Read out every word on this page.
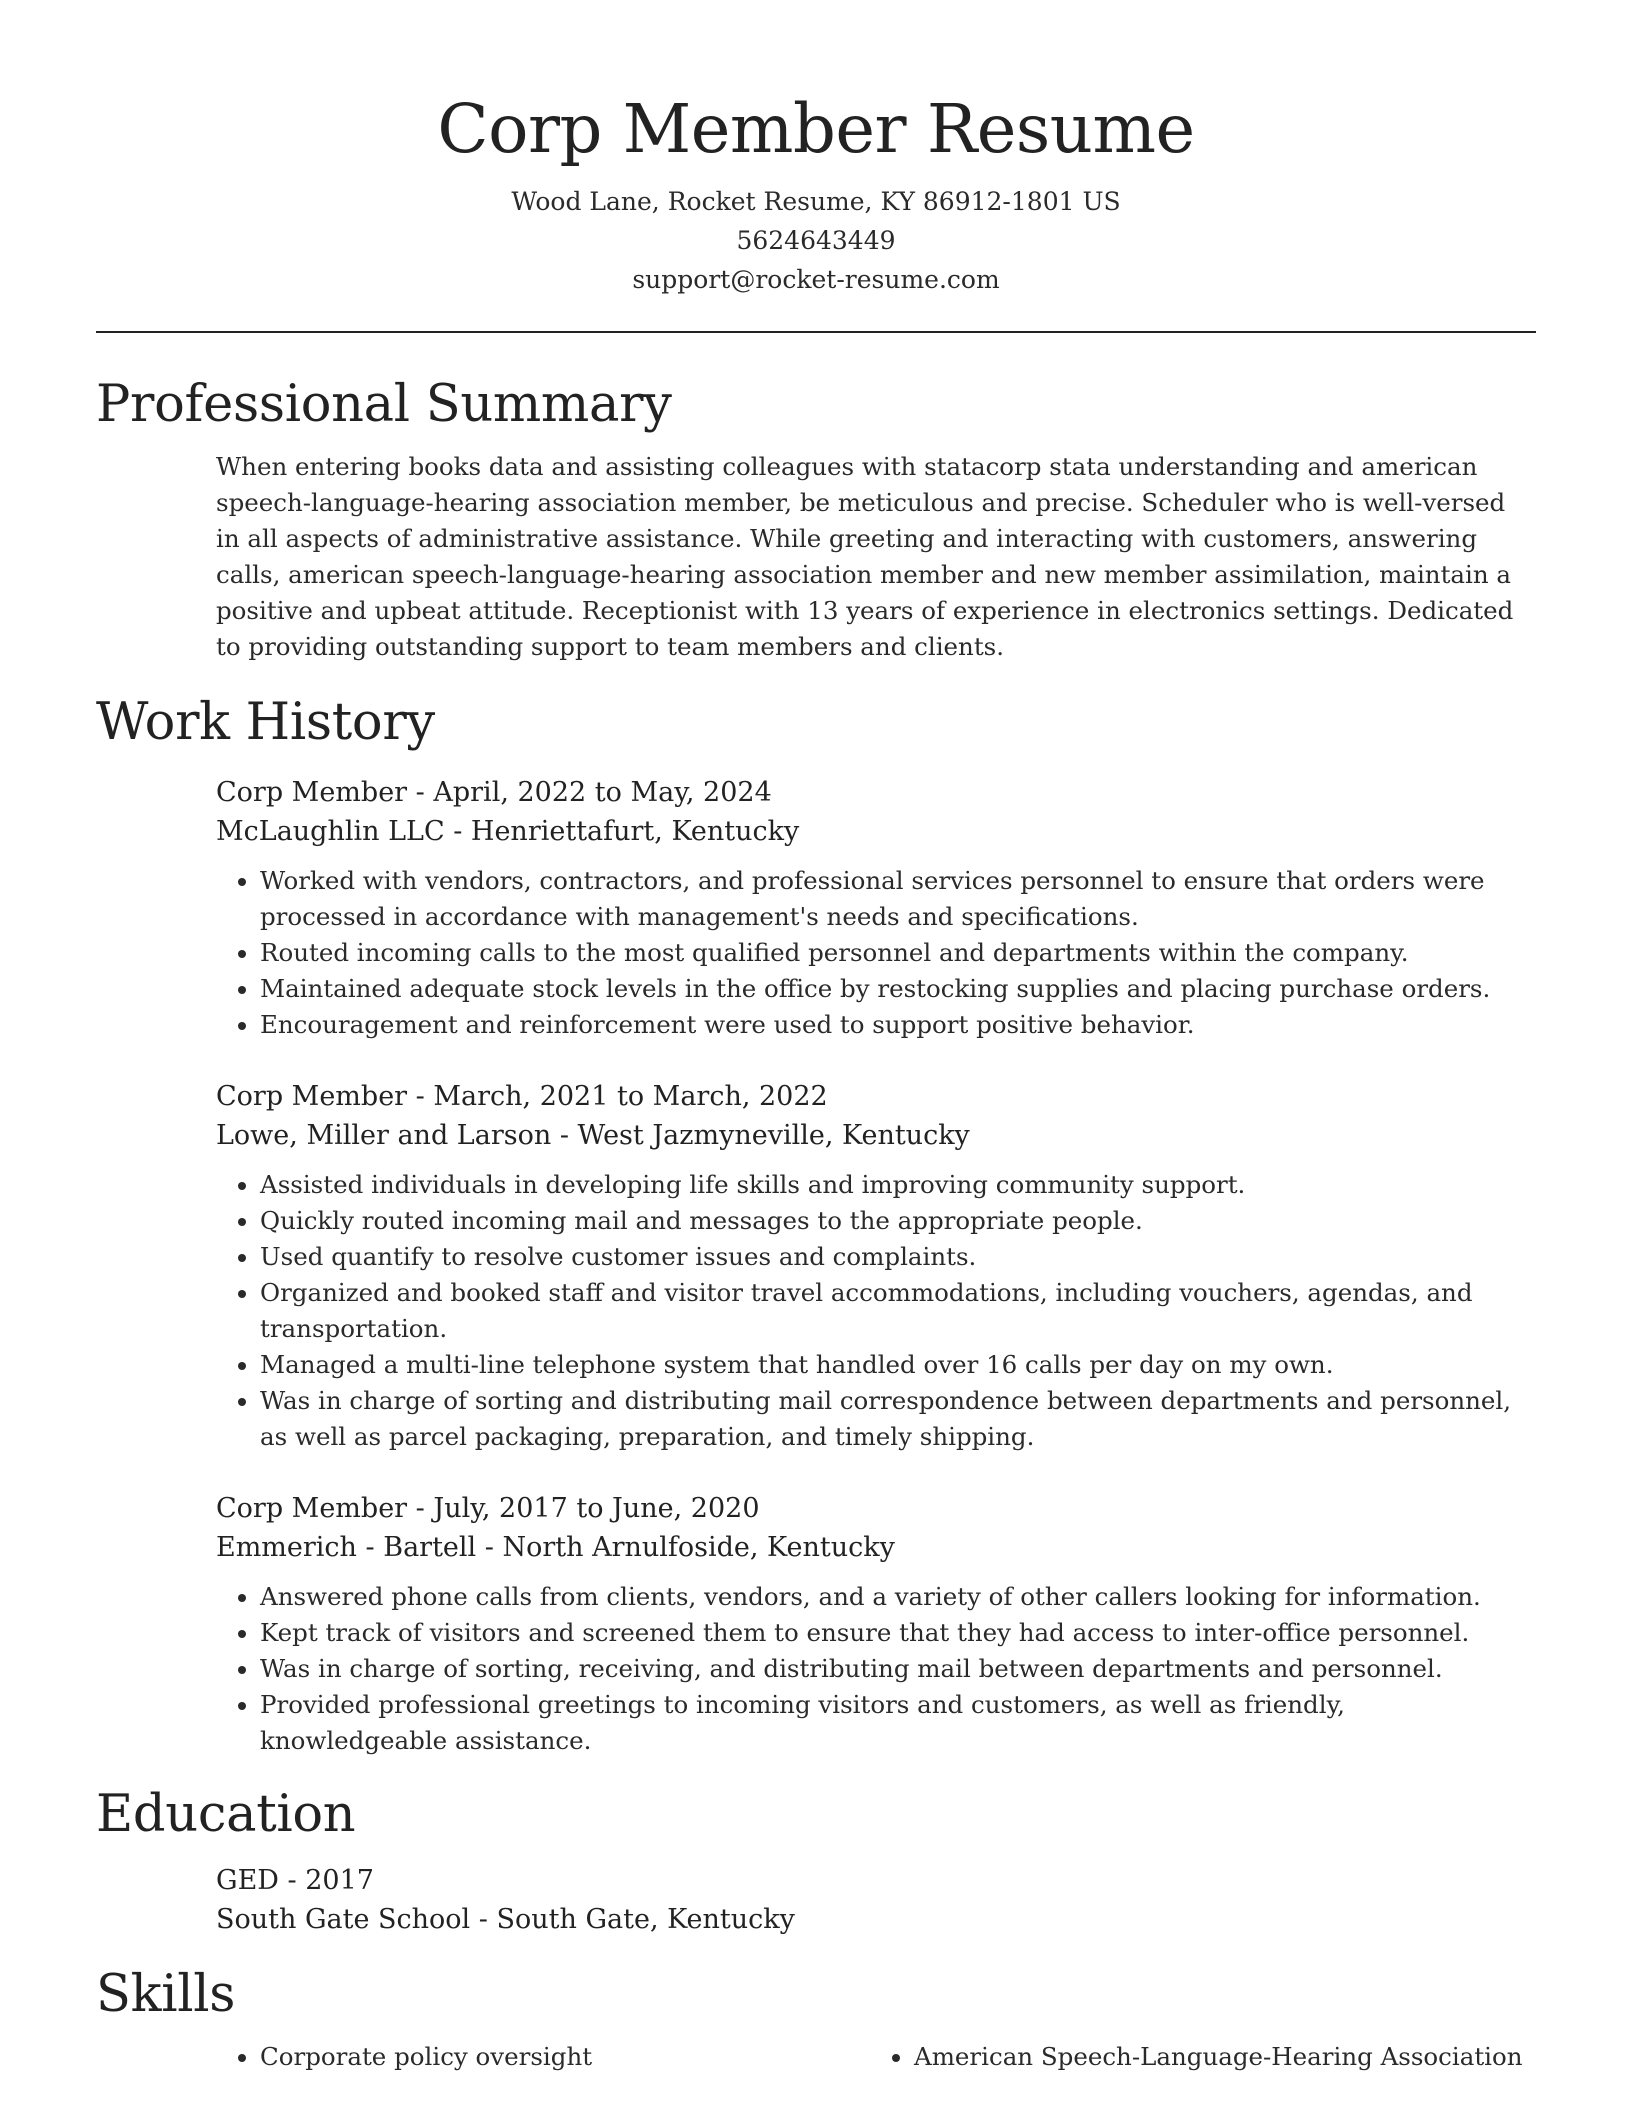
Corp Member Resume
Wood Lane, Rocket Resume, KY 86912-1801 US
5624643449
support@rocket-resume.com
Professional Summary
When entering books data and assisting colleagues with statacorp stata understanding and american speech-language-hearing association member, be meticulous and precise. Scheduler who is well-versed in all aspects of administrative assistance. While greeting and interacting with customers, answering calls, american speech-language-hearing association member and new member assimilation, maintain a positive and upbeat attitude. Receptionist with 13 years of experience in electronics settings. Dedicated to providing outstanding support to team members and clients.
Work History
Corp Member - April, 2022 to May, 2024
McLaughlin LLC - Henriettafurt, Kentucky
• Worked with vendors, contractors, and professional services personnel to ensure that orders were processed in accordance with management's needs and specifications.
• Routed incoming calls to the most qualified personnel and departments within the company.
• Maintained adequate stock levels in the office by restocking supplies and placing purchase orders.
• Encouragement and reinforcement were used to support positive behavior.
Corp Member - March, 2021 to March, 2022
Lowe, Miller and Larson - West Jazmyneville, Kentucky
• Assisted individuals in developing life skills and improving community support.
• Quickly routed incoming mail and messages to the appropriate people.
• Used quantify to resolve customer issues and complaints.
• Organized and booked staff and visitor travel accommodations, including vouchers, agendas, and transportation.
• Managed a multi-line telephone system that handled over 16 calls per day on my own.
• Was in charge of sorting and distributing mail correspondence between departments and personnel, as well as parcel packaging, preparation, and timely shipping.
Corp Member - July, 2017 to June, 2020
Emmerich - Bartell - North Arnulfoside, Kentucky
• Answered phone calls from clients, vendors, and a variety of other callers looking for information.
• Kept track of visitors and screened them to ensure that they had access to inter-office personnel.
• Was in charge of sorting, receiving, and distributing mail between departments and personnel.
• Provided professional greetings to incoming visitors and customers, as well as friendly, knowledgeable assistance.
Education
GED - 2017
South Gate School - South Gate, Kentucky
Skills
• Corporate policy oversight
•	American Speech-Language-Hearing Association
